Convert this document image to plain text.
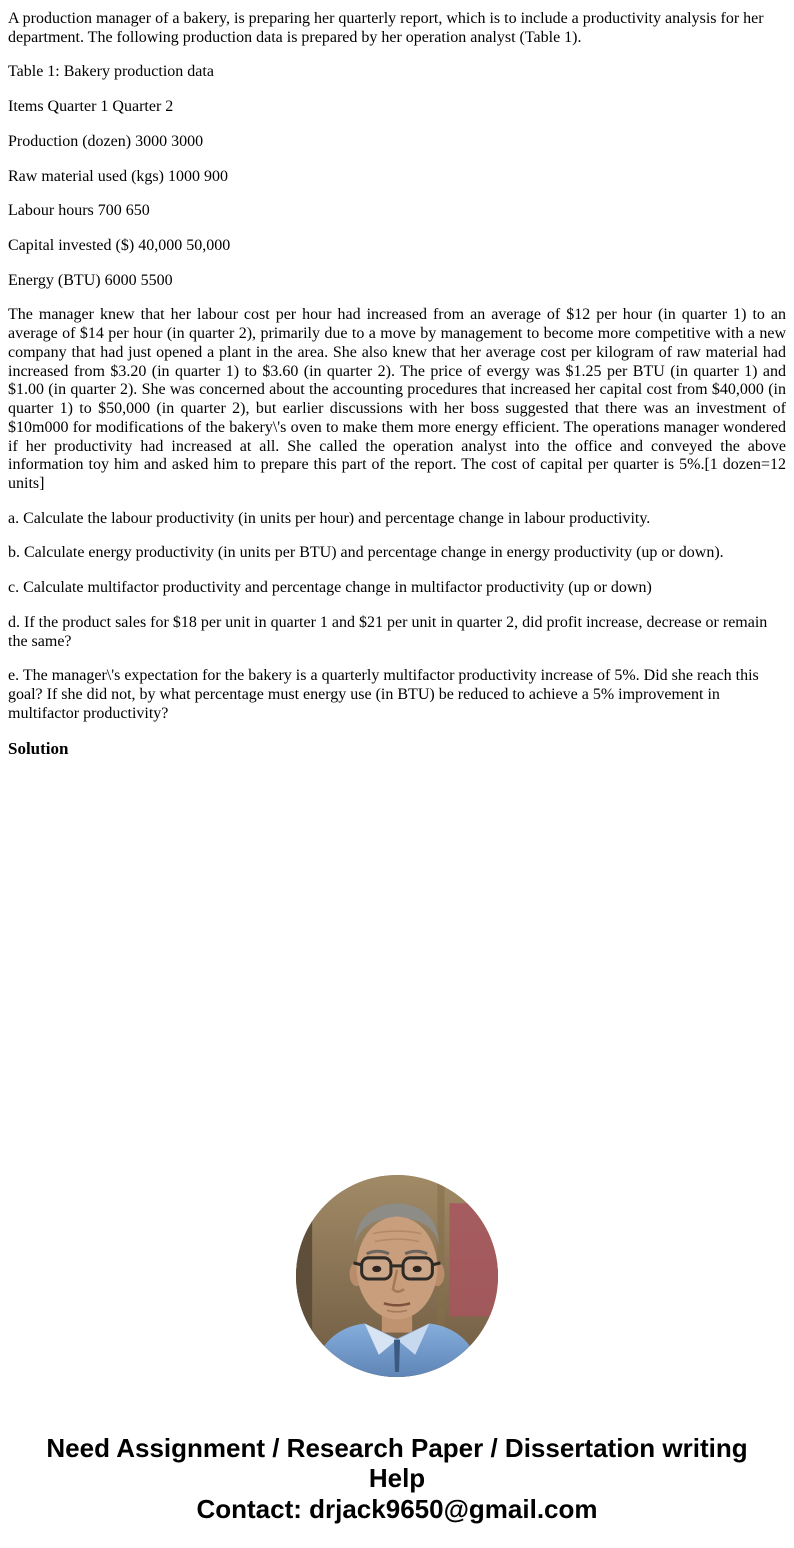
A production manager of a bakery, is preparing her quarterly report, which is to include a productivity analysis for her department. The following production data is prepared by her operation analyst (Table 1).

Table 1: Bakery production data

Items Quarter 1 Quarter 2

Production (dozen) 3000 3000

Raw material used (kgs) 1000 900

Labour hours 700 650

Capital invested ($) 40,000 50,000

Energy (BTU) 6000 5500

The manager knew that her labour cost per hour had increased from an average of $12 per hour (in quarter 1) to an average of $14 per hour (in quarter 2), primarily due to a move by management to become more competitive with a new company that had just opened a plant in the area. She also knew that her average cost per kilogram of raw material had increased from $3.20 (in quarter 1) to $3.60 (in quarter 2). The price of evergy was $1.25 per BTU (in quarter 1) and $1.00 (in quarter 2). She was concerned about the accounting procedures that increased her capital cost from $40,000 (in quarter 1) to $50,000 (in quarter 2), but earlier discussions with her boss suggested that there was an investment of $10m000 for modifications of the bakery\'s oven to make them more energy efficient. The operations manager wondered if her productivity had increased at all. She called the operation analyst into the office and conveyed the above information toy him and asked him to prepare this part of the report. The cost of capital per quarter is 5%.[1 dozen=12 units]

a. Calculate the labour productivity (in units per hour) and percentage change in labour productivity.

b. Calculate energy productivity (in units per BTU) and percentage change in energy productivity (up or down).

c. Calculate multifactor productivity and percentage change in multifactor productivity (up or down)

d. If the product sales for $18 per unit in quarter 1 and $21 per unit in quarter 2, did profit increase, decrease or remain the same?

e. The manager\'s expectation for the bakery is a quarterly multifactor productivity increase of 5%. Did she reach this goal? If she did not, by what percentage must energy use (in BTU) be reduced to achieve a 5% improvement in multifactor productivity?

Solution

Need Assignment / Research Paper / Dissertation writing Help
Contact: drjack9650@gmail.com
